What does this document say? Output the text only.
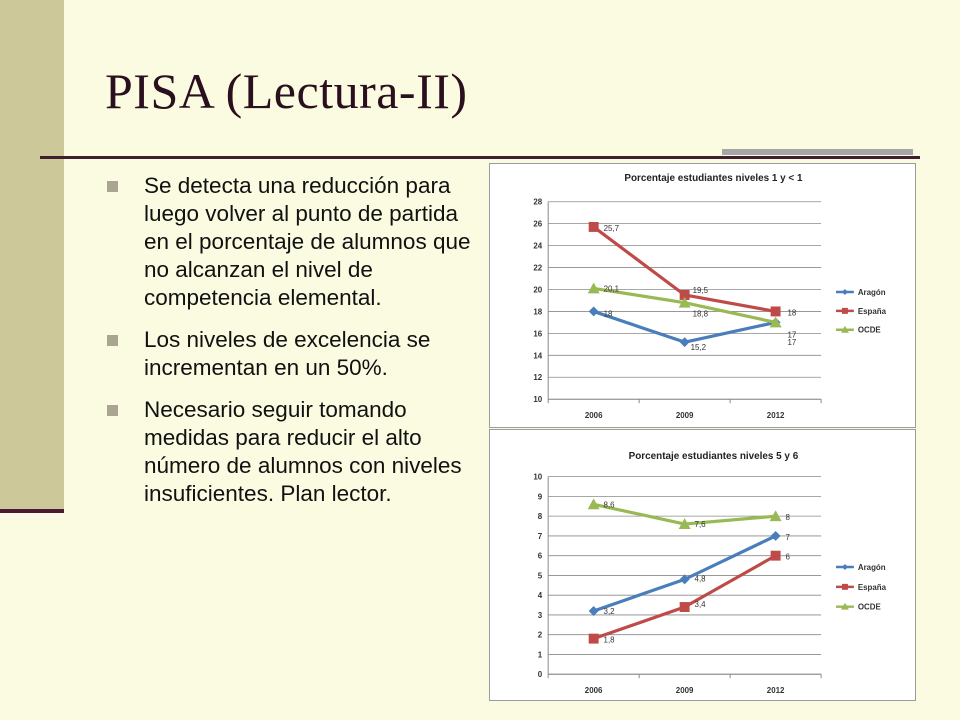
PISA (Lectura-II)
Se detecta una reducción para luego volver al punto de partida en el porcentaje de alumnos que no alcanzan el nivel de competencia elemental.
Los niveles de excelencia se incrementan en un 50%.
Necesario seguir tomando medidas para reducir el alto número de alumnos con niveles insuficientes. Plan lector.
Porcentaje estudiantes niveles 1 y < 1
10
12
14
16
18
20
22
24
26
28
2006	2009	2012
18
15,2
17
25,7
19,5
18
20,1
18,8
17
Aragón
España
OCDE
Porcentaje estudiantes niveles 5 y 6
0
1
2
3
4
5
6
7
8
9
10
2006	2009	2012
3,2
4,8
7
1,8
3,4
6
8,6
7,6
8
Aragón
España
OCDE
